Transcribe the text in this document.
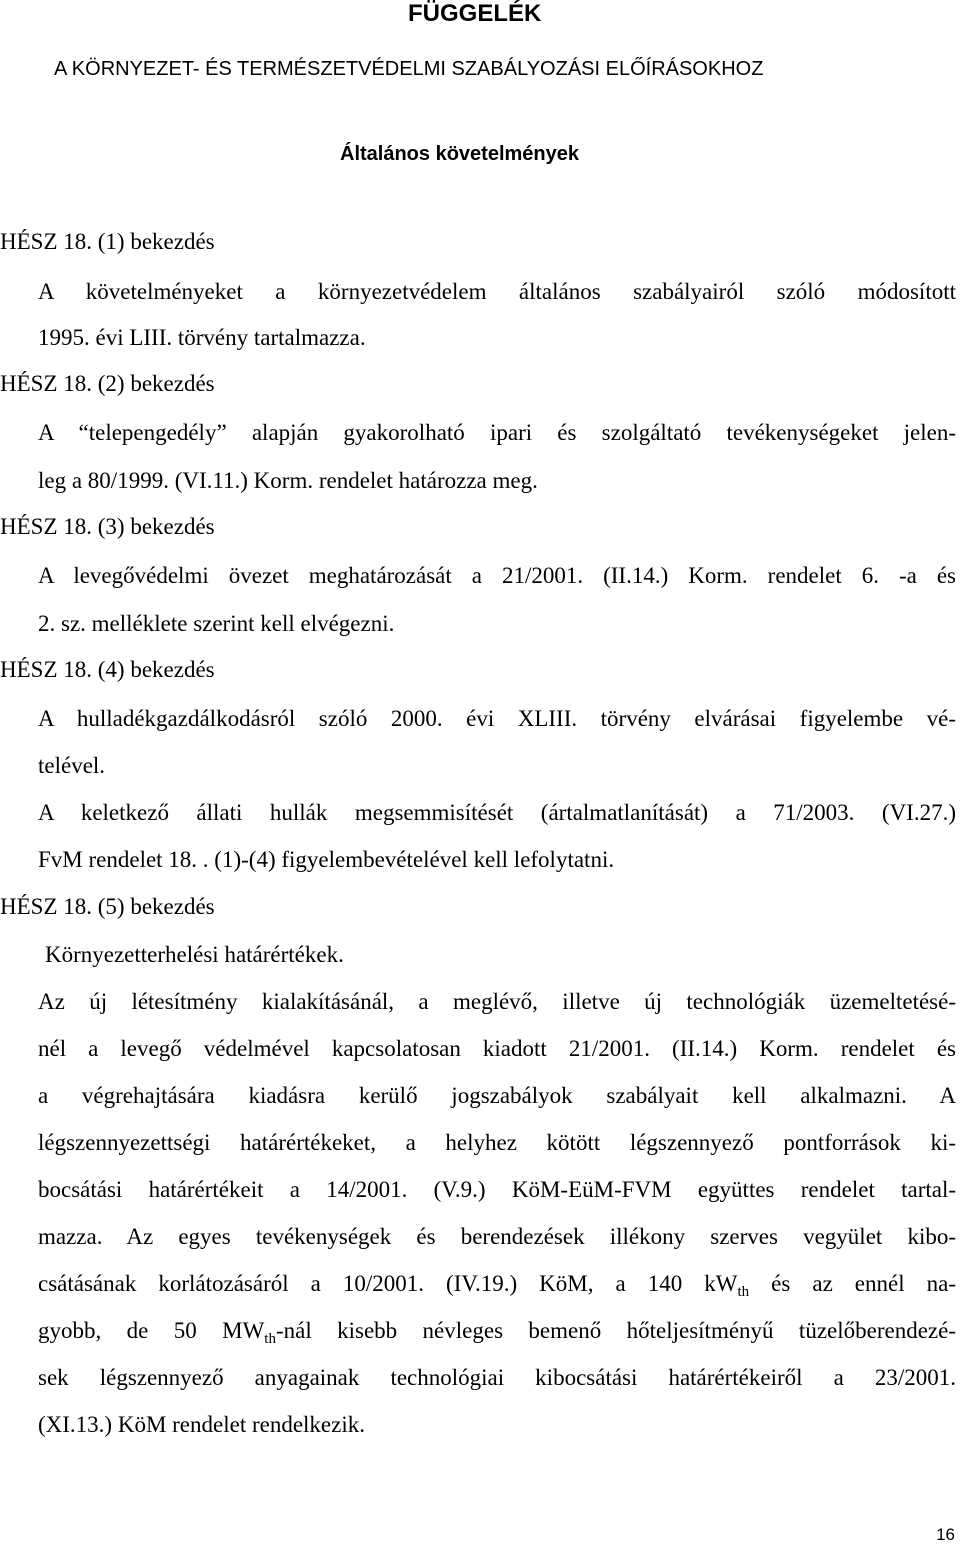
FÜGGELÉK
A KÖRNYEZET- ÉS TERMÉSZETVÉDELMI SZABÁLYOZÁSI ELŐÍRÁSOKHOZ
Általános követelmények
HÉSZ 18. (1) bekezdés
A követelményeket a környezetvédelem általános szabályairól szóló módosított
1995. évi LIII. törvény tartalmazza.
HÉSZ 18. (2) bekezdés
A “telepengedély” alapján gyakorolható ipari és szolgáltató tevékenységeket jelen-
leg a 80/1999. (VI.11.) Korm. rendelet határozza meg.
HÉSZ 18. (3) bekezdés
A levegővédelmi övezet meghatározását a 21/2001. (II.14.) Korm. rendelet 6. -a és
2. sz. melléklete szerint kell elvégezni.
HÉSZ 18. (4) bekezdés
A hulladékgazdálkodásról szóló 2000. évi XLIII. törvény elvárásai figyelembe vé-
telével.
A keletkező állati hullák megsemmisítését (ártalmatlanítását) a 71/2003. (VI.27.)
FvM rendelet 18. . (1)-(4) figyelembevételével kell lefolytatni.
HÉSZ 18. (5) bekezdés
Környezetterhelési határértékek.
Az új létesítmény kialakításánál, a meglévő, illetve új technológiák üzemeltetésé-
nél a levegő védelmével kapcsolatosan kiadott 21/2001. (II.14.) Korm. rendelet és
a végrehajtására kiadásra kerülő jogszabályok szabályait kell alkalmazni. A
légszennyezettségi határértékeket, a helyhez kötött légszennyező pontforrások ki-
bocsátási határértékeit a 14/2001. (V.9.) KöM-EüM-FVM együttes rendelet tartal-
mazza. Az egyes tevékenységek és berendezések illékony szerves vegyület kibo-
csátásának korlátozásáról a 10/2001. (IV.19.) KöM, a 140 $kW_{th}$ és az ennél na-
gyobb, de 50 $MW_{th}$-nál kisebb névleges bemenő hőteljesítményű tüzelőberendezé-
sek légszennyező anyagainak technológiai kibocsátási határértékeiről a 23/2001.
(XI.13.) KöM rendelet rendelkezik.
16
